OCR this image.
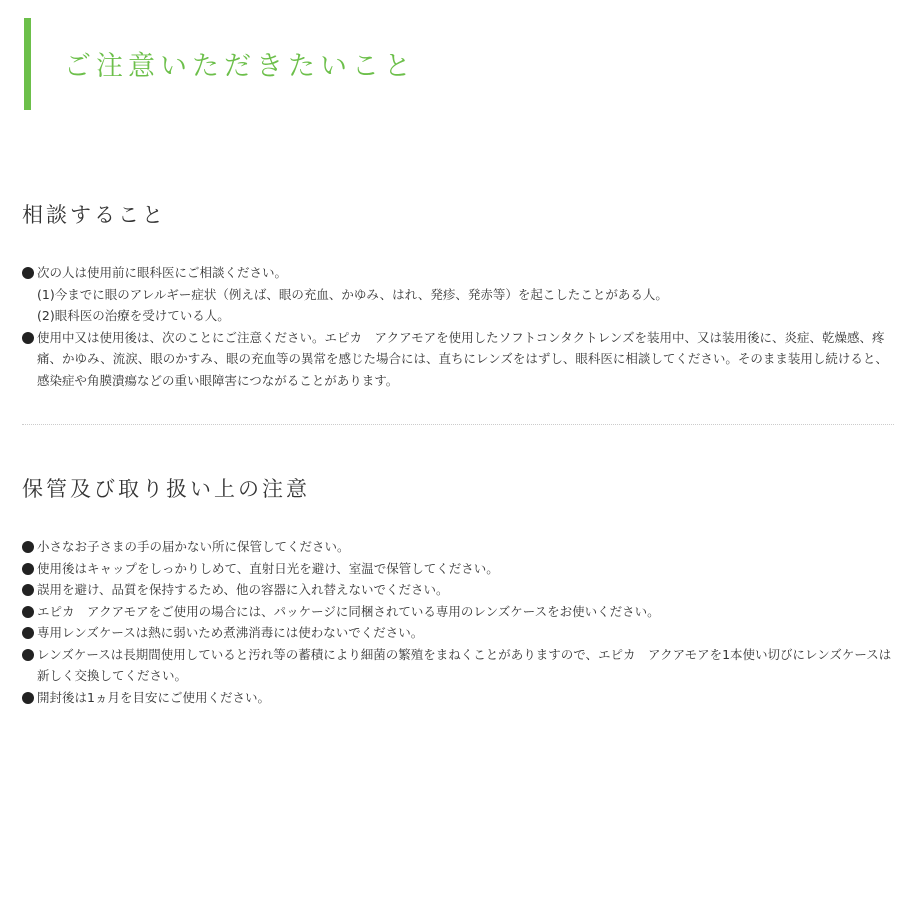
ご注意いただきたいこと
相談すること
次の人は使用前に眼科医にご相談ください。
(1)今までに眼のアレルギー症状（例えば、眼の充血、かゆみ、はれ、発疹、発赤等）を起こしたことがある人。
(2)眼科医の治療を受けている人。
使用中又は使用後は、次のことにご注意ください。エピカ　アクアモアを使用したソフトコンタクトレンズを装用中、又は装用後に、炎症、乾燥感、疼痛、かゆみ、流涙、眼のかすみ、眼の充血等の異常を感じた場合には、直ちにレンズをはずし、眼科医に相談してください。そのまま装用し続けると、感染症や角膜潰瘍などの重い眼障害につながることがあります。
保管及び取り扱い上の注意
小さなお子さまの手の届かない所に保管してください。
使用後はキャップをしっかりしめて、直射日光を避け、室温で保管してください。
誤用を避け、品質を保持するため、他の容器に入れ替えないでください。
エピカ　アクアモアをご使用の場合には、パッケージに同梱されている専用のレンズケースをお使いください。
専用レンズケースは熱に弱いため煮沸消毒には使わないでください。
レンズケースは長期間使用していると汚れ等の蓄積により細菌の繁殖をまねくことがありますので、エピカ　アクアモアを1本使い切びにレンズケースは新しく交換してください。
開封後は1ヵ月を目安にご使用ください。
